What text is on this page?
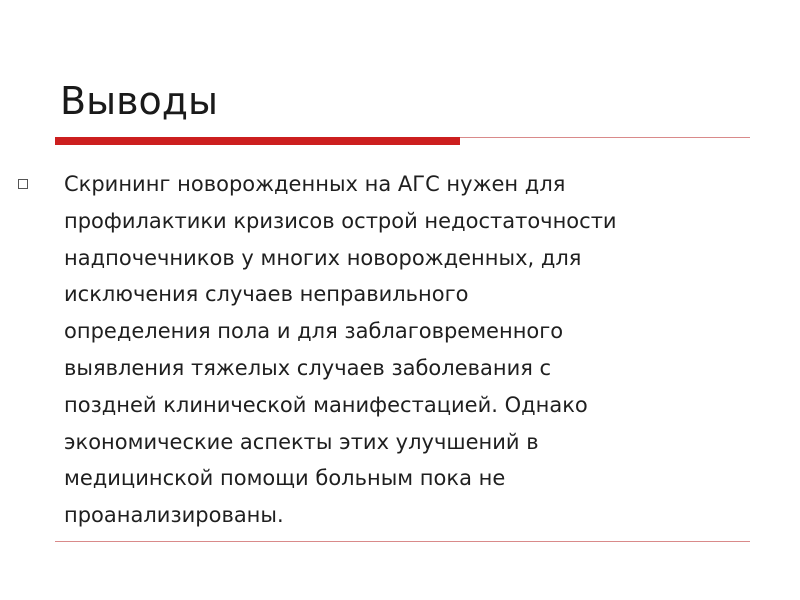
Выводы

Скрининг новорожденных на АГС нужен для
профилактики кризисов острой недостаточности
надпочечников у многих новорожденных, для
исключения случаев неправильного
определения пола и для заблаговременного
выявления тяжелых случаев заболевания с
поздней клинической манифестацией. Однако
экономические аспекты этих улучшений в
медицинской помощи больным пока не
проанализированы.
